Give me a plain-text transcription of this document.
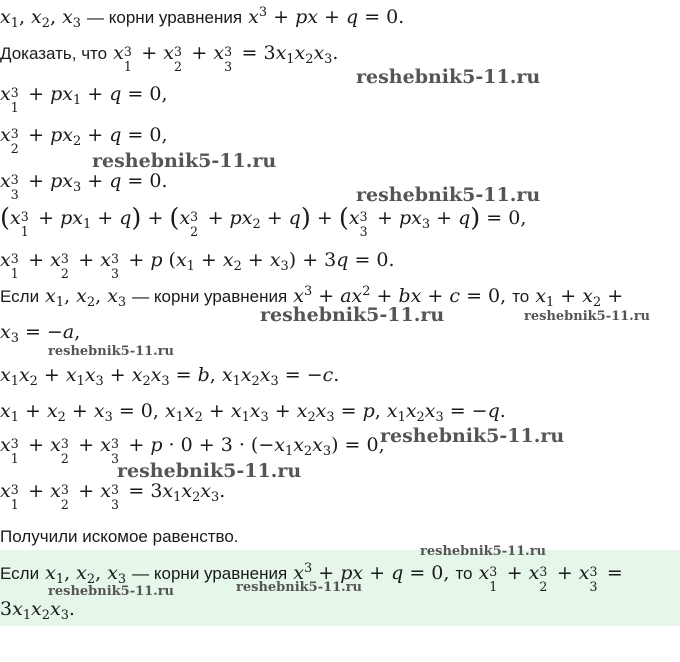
$x_1$, $x_2$, $x_3$ — корни уравнения $x^3$ + px + q = 0.
Доказать, что x 3
1
+ x 3
2
+ x 3
3
= $3x_1x_2x_3$.
x 3
1
+ $px_1 + q = 0$,
x 3
2
+ $px_2 + q = 0$,
x 3
3
+ $px_3 + q = 0$.
(x 3
1
+ $px_1 + q) + (x$ 3
2
+ $px_2 + q) + (x$ 3
3
+ $px_3 + q) = 0$,
x 3
1
+ x 3
2
+ x 3
3
+ p $(x_1 + x_2 + x_3) + 3q = 0$.
Если $x_1$, $x_2$, $x_3$ — корни уравнения $x^3 + ax^2$ + bx + c = 0, то $x_1 + x_2$ +
$x_3 = -a$,
$x_1x_2 + x_1x_3 + x_2x_3 = b$, $x_1x_2x_3 = -c$.
$x_1 + x_2 + x_3 = 0$, $x_1x_2 + x_1x_3 + x_2x_3 = p$, $x_1x_2x_3 = -q$.
x 3
1
+ x 3
2
+ x 3
3
+ $p \cdot 0 + 3 \cdot (-x_1x_2x_3) = 0$,
x 3
1
+ x 3
2
+ x 3
3
= $3x_1x_2x_3$.
Получили искомое равенство.
Если $x_1$, $x_2$, $x_3$ — корни уравнения $x^3$ + px + q = 0, то x 3
1
+ x 3
2
+ x 3
3
=
$3x_1x_2x_3$.
reshebnik5-11.ru
reshebnik5-11.ru
reshebnik5-11.ru
reshebnik5-11.ru	reshebnik5-11.ru
reshebnik5-11.ru
reshebnik5-11.ru
reshebnik5-11.ru
reshebnik5-11.ru
reshebnik5-11.ru	reshebnik5-11.ru
